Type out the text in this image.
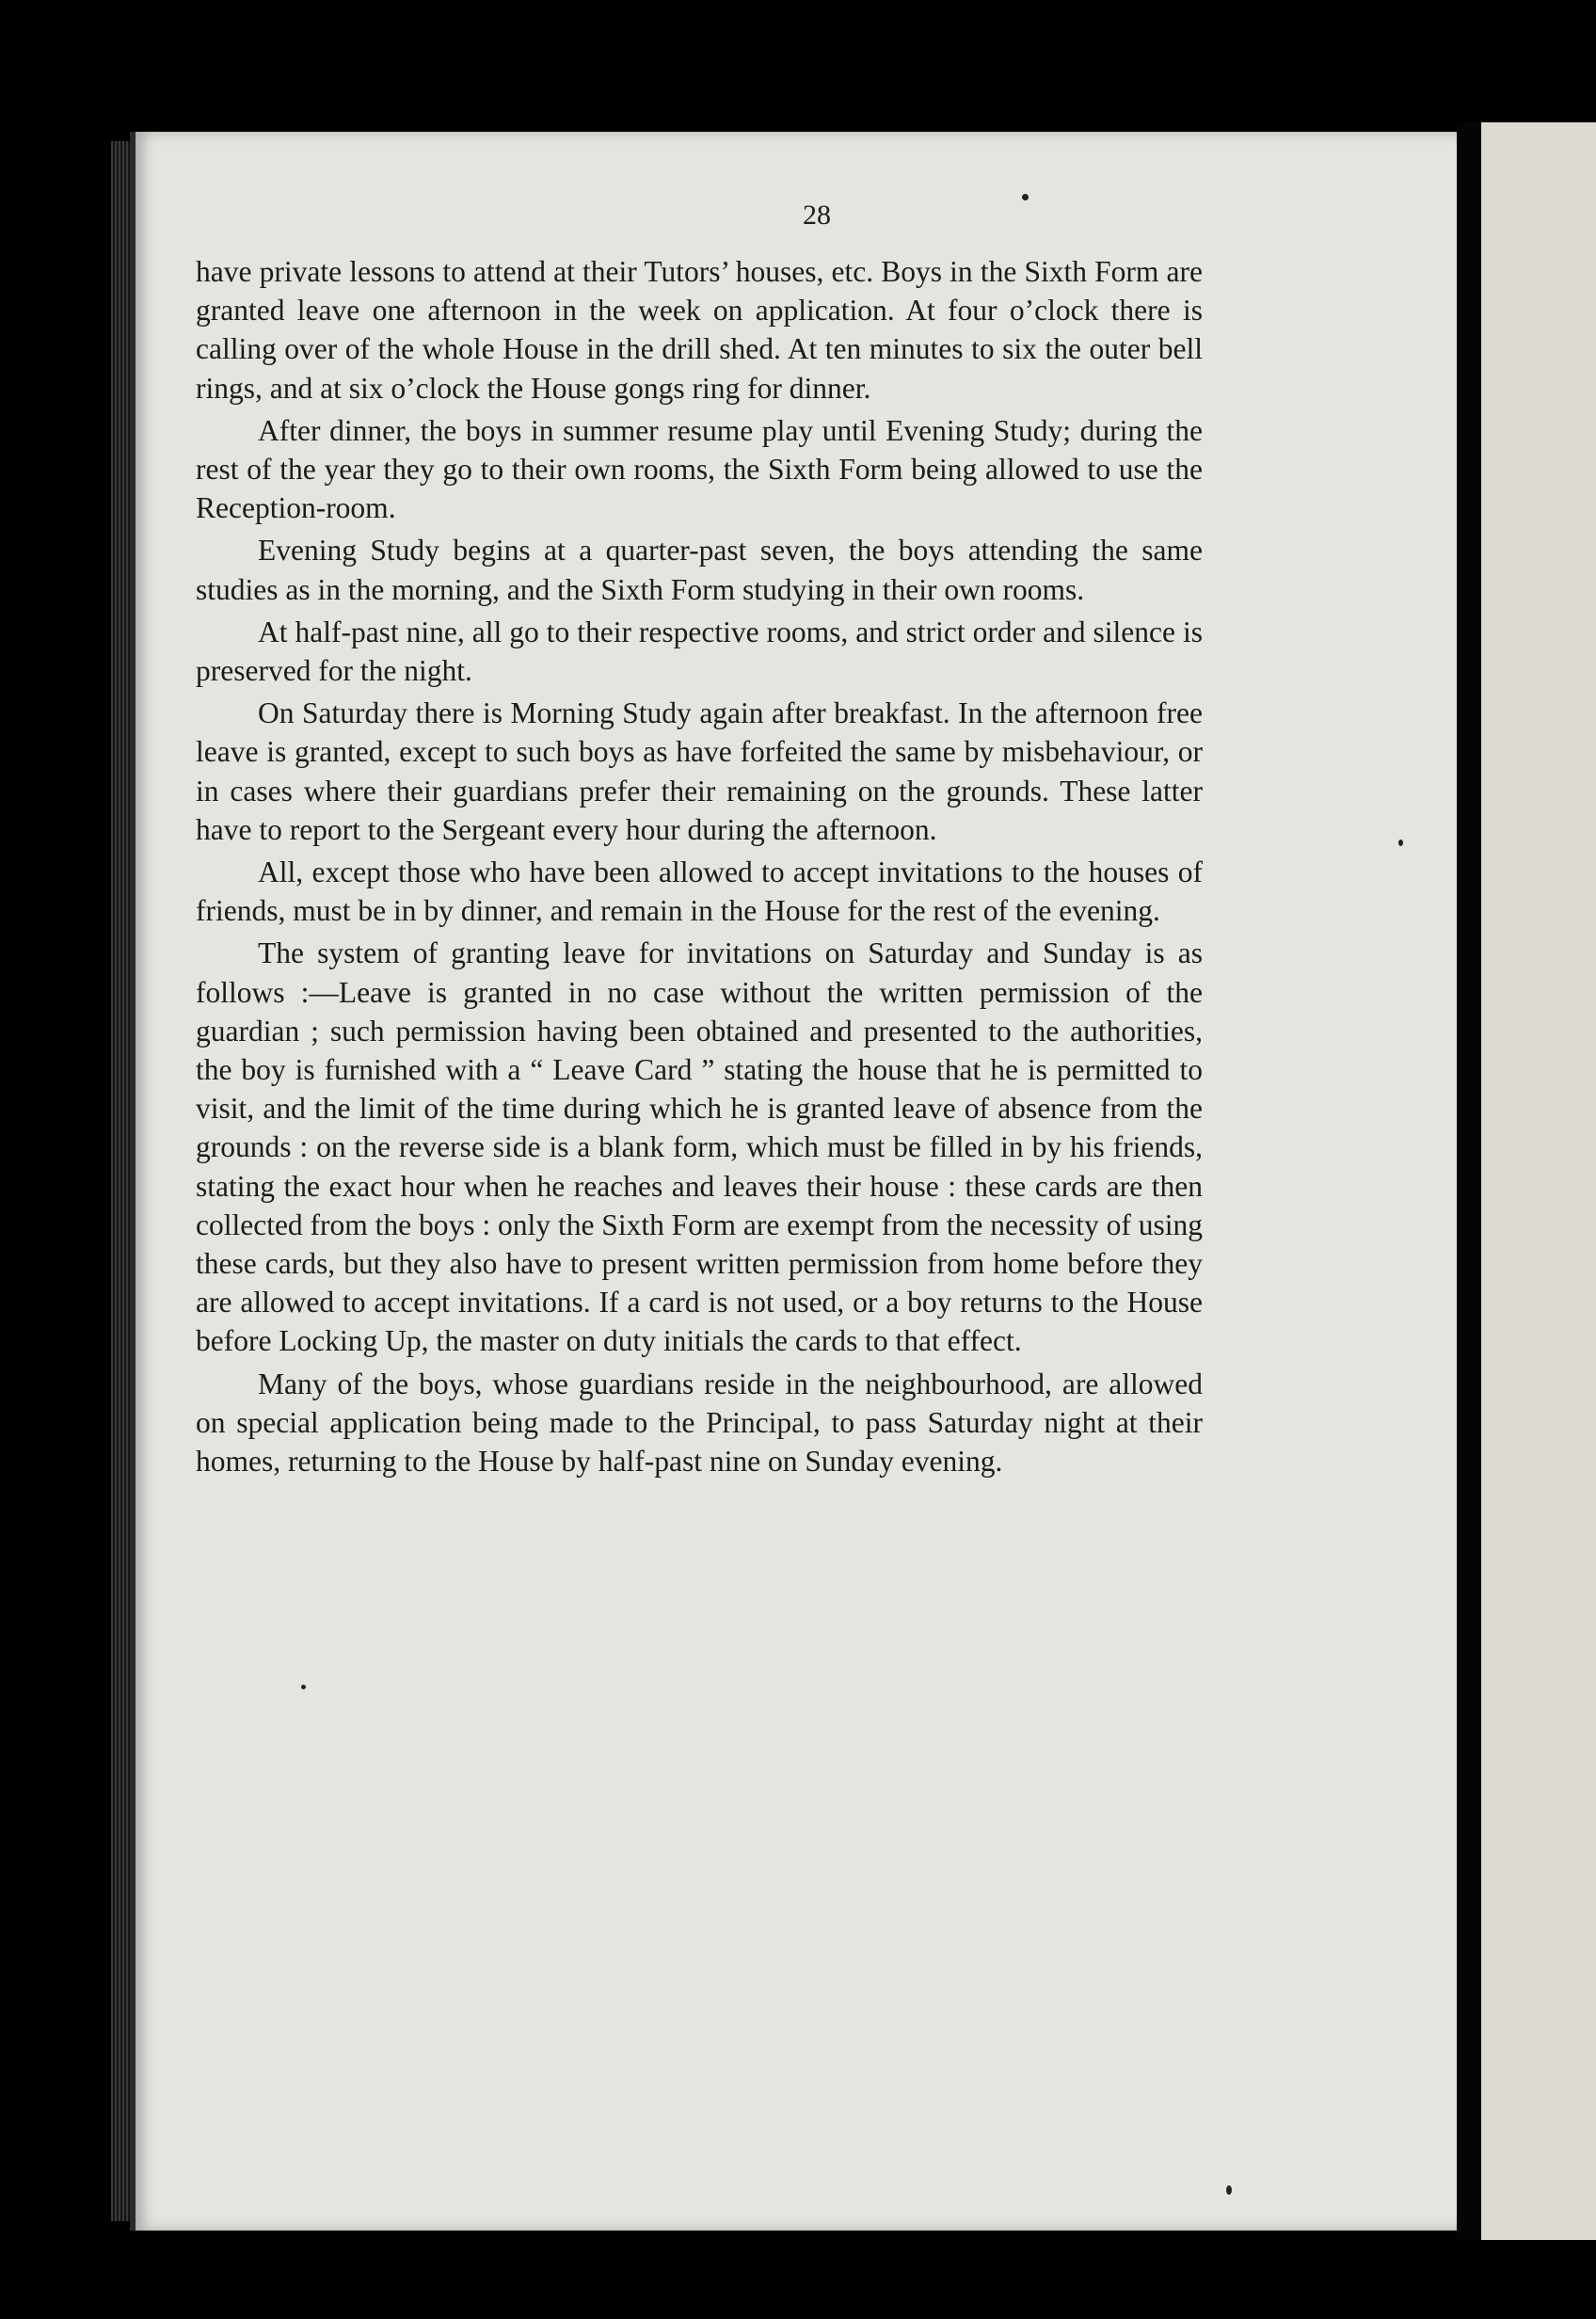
28

have private lessons to attend at their Tutors’ houses, etc. Boys in the Sixth Form are granted leave one afternoon in the week on application. At four o’clock there is calling over of the whole House in the drill shed. At ten minutes to six the outer bell rings, and at six o’clock the House gongs ring for dinner.

After dinner, the boys in summer resume play until Evening Study; during the rest of the year they go to their own rooms, the Sixth Form being allowed to use the Reception-room.

Evening Study begins at a quarter-past seven, the boys attending the same studies as in the morning, and the Sixth Form studying in their own rooms.

At half-past nine, all go to their respective rooms, and strict order and silence is preserved for the night.

On Saturday there is Morning Study again after breakfast. In the afternoon free leave is granted, except to such boys as have forfeited the same by misbehaviour, or in cases where their guardians prefer their remaining on the grounds. These latter have to report to the Sergeant every hour during the afternoon.

All, except those who have been allowed to accept invitations to the houses of friends, must be in by dinner, and remain in the House for the rest of the evening.

The system of granting leave for invitations on Saturday and Sunday is as follows :—Leave is granted in no case without the written permission of the guardian ; such permission having been obtained and presented to the authorities, the boy is furnished with a “ Leave Card ” stating the house that he is permitted to visit, and the limit of the time during which he is granted leave of absence from the grounds : on the reverse side is a blank form, which must be filled in by his friends, stating the exact hour when he reaches and leaves their house : these cards are then collected from the boys : only the Sixth Form are exempt from the necessity of using these cards, but they also have to present written permission from home before they are allowed to accept invitations. If a card is not used, or a boy returns to the House before Locking Up, the master on duty initials the cards to that effect.

Many of the boys, whose guardians reside in the neighbourhood, are allowed on special application being made to the Principal, to pass Saturday night at their homes, returning to the House by half-past nine on Sunday evening.
